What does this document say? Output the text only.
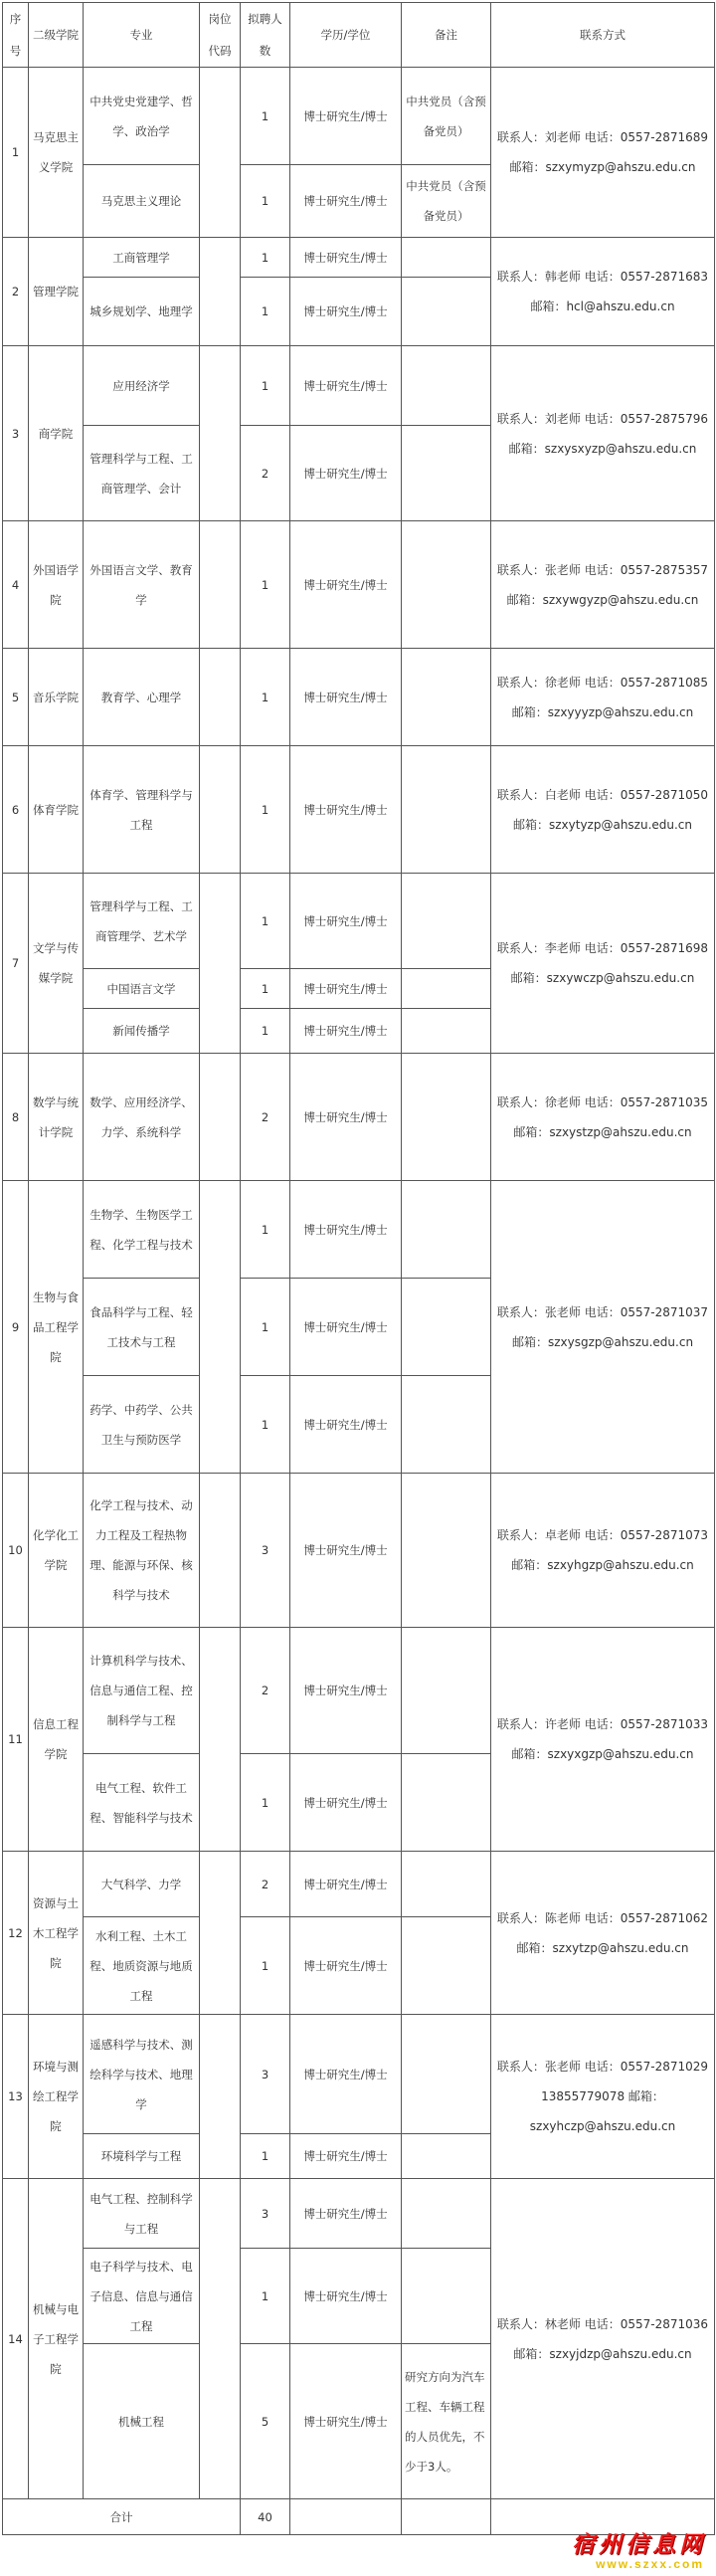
序号	二级学院	专业	岗位代码	拟聘人数	学历/学位	备注	联系方式
1	马克思主义学院	中共党史党建学、哲学、政治学		1	博士研究生/博士	中共党员（含预备党员）	联系人：刘老师 电话：0557-2871689 邮箱：szxymyzp@ahszu.edu.cn
		马克思主义理论		1	博士研究生/博士	中共党员（含预备党员）	
2	管理学院	工商管理学		1	博士研究生/博士		联系人：韩老师 电话：0557-2871683 邮箱：hcl@ahszu.edu.cn
		城乡规划学、地理学		1	博士研究生/博士		
3	商学院	应用经济学		1	博士研究生/博士		联系人：刘老师 电话：0557-2875796 邮箱：szxysxyzp@ahszu.edu.cn
		管理科学与工程、工商管理学、会计		2	博士研究生/博士		
4	外国语学院	外国语言文学、教育学		1	博士研究生/博士		联系人：张老师 电话：0557-2875357 邮箱：szxywgyzp@ahszu.edu.cn
5	音乐学院	教育学、心理学		1	博士研究生/博士		联系人：徐老师 电话：0557-2871085 邮箱：szxyyyzp@ahszu.edu.cn
6	体育学院	体育学、管理科学与工程		1	博士研究生/博士		联系人：白老师 电话：0557-2871050 邮箱：szxytyzp@ahszu.edu.cn
7	文学与传媒学院	管理科学与工程、工商管理学、艺术学		1	博士研究生/博士		联系人：李老师 电话：0557-2871698 邮箱：szxywczp@ahszu.edu.cn
		中国语言文学		1	博士研究生/博士		
		新闻传播学		1	博士研究生/博士		
8	数学与统计学院	数学、应用经济学、力学、系统科学		2	博士研究生/博士		联系人：徐老师 电话：0557-2871035 邮箱：szxystzp@ahszu.edu.cn
9	生物与食品工程学院	生物学、生物医学工程、化学工程与技术		1	博士研究生/博士		联系人：张老师 电话：0557-2871037 邮箱：szxysgzp@ahszu.edu.cn
		食品科学与工程、轻工技术与工程		1	博士研究生/博士		
		药学、中药学、公共卫生与预防医学		1	博士研究生/博士		
10	化学化工学院	化学工程与技术、动力工程及工程热物理、能源与环保、核科学与技术		3	博士研究生/博士		联系人：卓老师 电话：0557-2871073 邮箱：szxyhgzp@ahszu.edu.cn
11	信息工程学院	计算机科学与技术、信息与通信工程、控制科学与工程		2	博士研究生/博士		联系人：许老师 电话：0557-2871033 邮箱：szxyxgzp@ahszu.edu.cn
		电气工程、软件工程、智能科学与技术		1	博士研究生/博士		
12	资源与土木工程学院	大气科学、力学		2	博士研究生/博士		联系人：陈老师 电话：0557-2871062 邮箱：szxytzp@ahszu.edu.cn
		水利工程、土木工程、地质资源与地质工程		1	博士研究生/博士		
13	环境与测绘工程学院	遥感科学与技术、测绘科学与技术、地理学		3	博士研究生/博士		联系人：张老师 电话：0557-2871029 13855779078 邮箱：szxyhczp@ahszu.edu.cn
		环境科学与工程		1	博士研究生/博士		
14	机械与电子工程学院	电气工程、控制科学与工程		3	博士研究生/博士		联系人：林老师 电话：0557-2871036 邮箱：szxyjdzp@ahszu.edu.cn
		电子科学与技术、电子信息、信息与通信工程		1	博士研究生/博士		
		机械工程		5	博士研究生/博士	研究方向为汽车工程、车辆工程的人员优先，不少于3人。	
合计				40			
宿州信息网
www.szxx.com
